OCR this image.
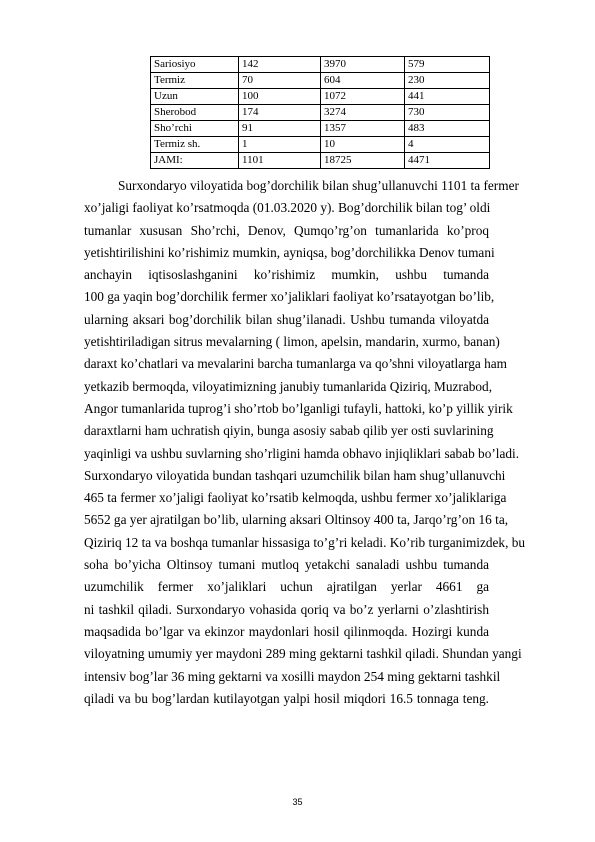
Sariosiyo	142	3970	579
Termiz	70	604	230
Uzun	100	1072	441
Sherobod	174	3274	730
Sho’rchi	91	1357	483
Termiz sh.	1	10	4
JAMI:	1101	18725	4471
Surxondaryo viloyatida bog’dorchilik bilan shug’ullanuvchi 1101 ta fermer
xo’jaligi faoliyat ko’rsatmoqda (01.03.2020 y). Bog’dorchilik bilan tog’ oldi
tumanlar xususan Sho’rchi, Denov, Qumqo’rg’on tumanlarida ko’proq
yetishtirilishini ko’rishimiz mumkin, ayniqsa, bog’dorchilikka Denov tumani
anchayin iqtisoslashganini ko’rishimiz mumkin, ushbu tumanda
100 ga yaqin bog’dorchilik fermer xo’jaliklari faoliyat ko’rsatayotgan bo’lib,
ularning aksari bog’dorchilik bilan shug’ilanadi. Ushbu tumanda viloyatda
yetishtiriladigan sitrus mevalarning ( limon, apelsin, mandarin, xurmo, banan)
daraxt ko’chatlari va mevalarini barcha tumanlarga va qo’shni viloyatlarga ham
yetkazib bermoqda, viloyatimizning janubiy tumanlarida Qiziriq, Muzrabod,
Angor tumanlarida tuprog’i sho’rtob bo’lganligi tufayli, hattoki, ko’p yillik yirik
daraxtlarni ham uchratish qiyin, bunga asosiy sabab qilib yer osti suvlarining
yaqinligi va ushbu suvlarning sho’rligini hamda obhavo injiqliklari sabab bo’ladi.
Surxondaryo viloyatida bundan tashqari uzumchilik bilan ham shug’ullanuvchi
465 ta fermer xo’jaligi faoliyat ko’rsatib kelmoqda, ushbu fermer xo’jaliklariga
5652 ga yer ajratilgan bo’lib, ularning aksari Oltinsoy 400 ta, Jarqo’rg’on 16 ta,
Qiziriq 12 ta va boshqa tumanlar hissasiga to’g’ri keladi. Ko’rib turganimizdek, bu
soha bo’yicha Oltinsoy tumani mutloq yetakchi sanaladi ushbu tumanda
uzumchilik fermer xo’jaliklari uchun ajratilgan yerlar 4661 ga
ni tashkil qiladi. Surxondaryo vohasida qoriq va bo’z yerlarni o’zlashtirish
maqsadida bo’lgar va ekinzor maydonlari hosil qilinmoqda. Hozirgi kunda
viloyatning umumiy yer maydoni 289 ming gektarni tashkil qiladi. Shundan yangi
intensiv bog’lar 36 ming gektarni va xosilli maydon 254 ming gektarni tashkil
qiladi va bu bog’lardan kutilayotgan yalpi hosil miqdori 16.5 tonnaga teng.
35
